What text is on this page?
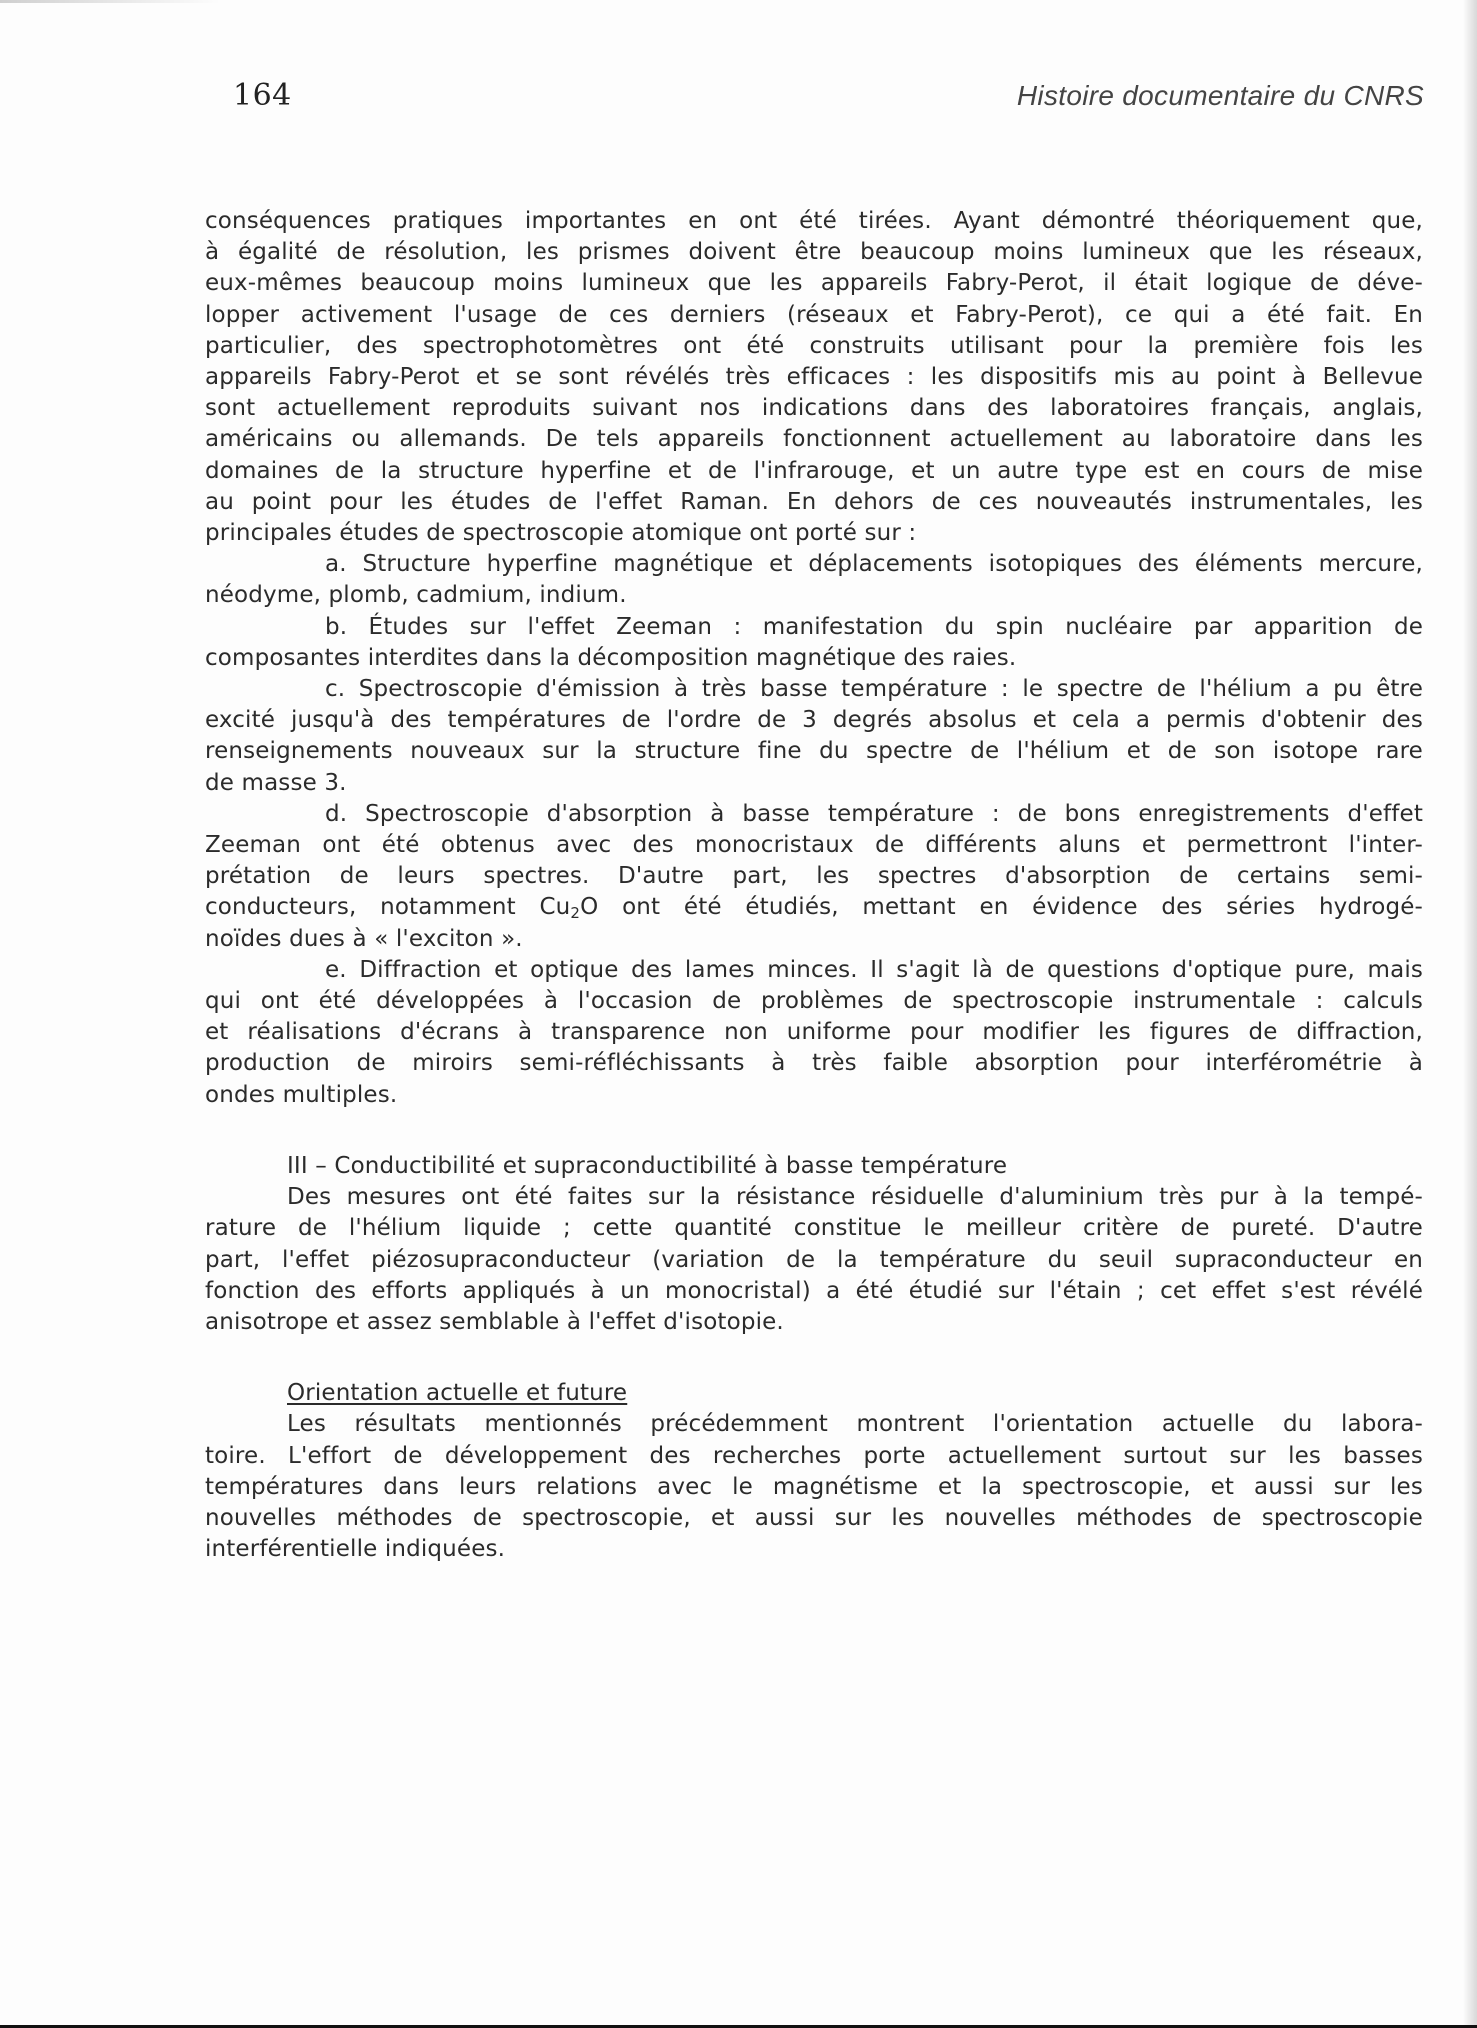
164	Histoire documentaire du CNRS
conséquences pratiques importantes en ont été tirées. Ayant démontré théoriquement que,
à égalité de résolution, les prismes doivent être beaucoup moins lumineux que les réseaux,
eux-mêmes beaucoup moins lumineux que les appareils Fabry-Perot, il était logique de déve-
lopper activement l'usage de ces derniers (réseaux et Fabry-Perot), ce qui a été fait. En
particulier, des spectrophotomètres ont été construits utilisant pour la première fois les
appareils Fabry-Perot et se sont révélés très efficaces : les dispositifs mis au point à Bellevue
sont actuellement reproduits suivant nos indications dans des laboratoires français, anglais,
américains ou allemands. De tels appareils fonctionnent actuellement au laboratoire dans les
domaines de la structure hyperfine et de l'infrarouge, et un autre type est en cours de mise
au point pour les études de l'effet Raman. En dehors de ces nouveautés instrumentales, les
principales études de spectroscopie atomique ont porté sur :
a. Structure hyperfine magnétique et déplacements isotopiques des éléments mercure,
néodyme, plomb, cadmium, indium.
b. Études sur l'effet Zeeman : manifestation du spin nucléaire par apparition de
composantes interdites dans la décomposition magnétique des raies.
c. Spectroscopie d'émission à très basse température : le spectre de l'hélium a pu être
excité jusqu'à des températures de l'ordre de 3 degrés absolus et cela a permis d'obtenir des
renseignements nouveaux sur la structure fine du spectre de l'hélium et de son isotope rare
de masse 3.
d. Spectroscopie d'absorption à basse température : de bons enregistrements d'effet
Zeeman ont été obtenus avec des monocristaux de différents aluns et permettront l'inter-
prétation de leurs spectres. D'autre part, les spectres d'absorption de certains semi-
conducteurs, notamment $Cu_2O$ ont été étudiés, mettant en évidence des séries hydrogé-
noïdes dues à « l'exciton ».
e. Diffraction et optique des lames minces. Il s'agit là de questions d'optique pure, mais
qui ont été développées à l'occasion de problèmes de spectroscopie instrumentale : calculs
et réalisations d'écrans à transparence non uniforme pour modifier les figures de diffraction,
production de miroirs semi-réfléchissants à très faible absorption pour interférométrie à
ondes multiples.
III – Conductibilité et supraconductibilité à basse température
Des mesures ont été faites sur la résistance résiduelle d'aluminium très pur à la tempé-
rature de l'hélium liquide ; cette quantité constitue le meilleur critère de pureté. D'autre
part, l'effet piézosupraconducteur (variation de la température du seuil supraconducteur en
fonction des efforts appliqués à un monocristal) a été étudié sur l'étain ; cet effet s'est révélé
anisotrope et assez semblable à l'effet d'isotopie.
Orientation actuelle et future
Les résultats mentionnés précédemment montrent l'orientation actuelle du labora-
toire. L'effort de développement des recherches porte actuellement surtout sur les basses
températures dans leurs relations avec le magnétisme et la spectroscopie, et aussi sur les
nouvelles méthodes de spectroscopie, et aussi sur les nouvelles méthodes de spectroscopie
interférentielle indiquées.
